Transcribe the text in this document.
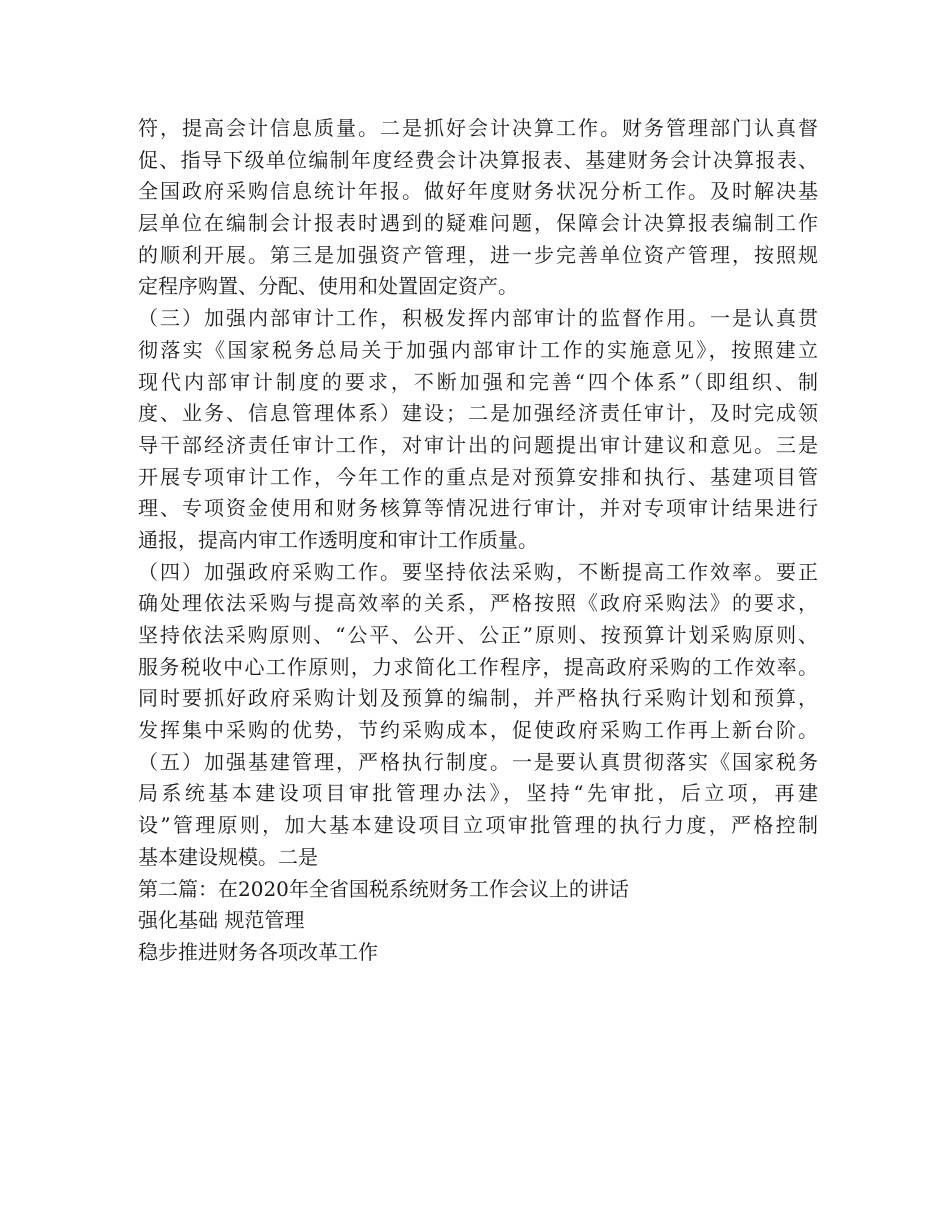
符，提高会计信息质量。二是抓好会计决算工作。财务管理部门认真督
促、指导下级单位编制年度经费会计决算报表、基建财务会计决算报表、
全国政府采购信息统计年报。做好年度财务状况分析工作。及时解决基
层单位在编制会计报表时遇到的疑难问题，保障会计决算报表编制工作
的顺利开展。第三是加强资产管理，进一步完善单位资产管理，按照规
定程序购置、分配、使用和处置固定资产。
（三）加强内部审计工作，积极发挥内部审计的监督作用。一是认真贯
彻落实《国家税务总局关于加强内部审计工作的实施意见》，按照建立
现代内部审计制度的要求，不断加强和完善“四个体系”（即组织、制
度、业务、信息管理体系）建设；二是加强经济责任审计，及时完成领
导干部经济责任审计工作，对审计出的问题提出审计建议和意见。三是
开展专项审计工作，今年工作的重点是对预算安排和执行、基建项目管
理、专项资金使用和财务核算等情况进行审计，并对专项审计结果进行
通报，提高内审工作透明度和审计工作质量。
（四）加强政府采购工作。要坚持依法采购，不断提高工作效率。要正
确处理依法采购与提高效率的关系，严格按照《政府采购法》的要求，
坚持依法采购原则、“公平、公开、公正”原则、按预算计划采购原则、
服务税收中心工作原则，力求简化工作程序，提高政府采购的工作效率。
同时要抓好政府采购计划及预算的编制，并严格执行采购计划和预算，
发挥集中采购的优势，节约采购成本，促使政府采购工作再上新台阶。
（五）加强基建管理，严格执行制度。一是要认真贯彻落实《国家税务
局系统基本建设项目审批管理办法》，坚持“先审批，后立项，再建
设”管理原则，加大基本建设项目立项审批管理的执行力度，严格控制
基本建设规模。二是
第二篇：在2020年全省国税系统财务工作会议上的讲话
强化基础 规范管理
稳步推进财务各项改革工作
